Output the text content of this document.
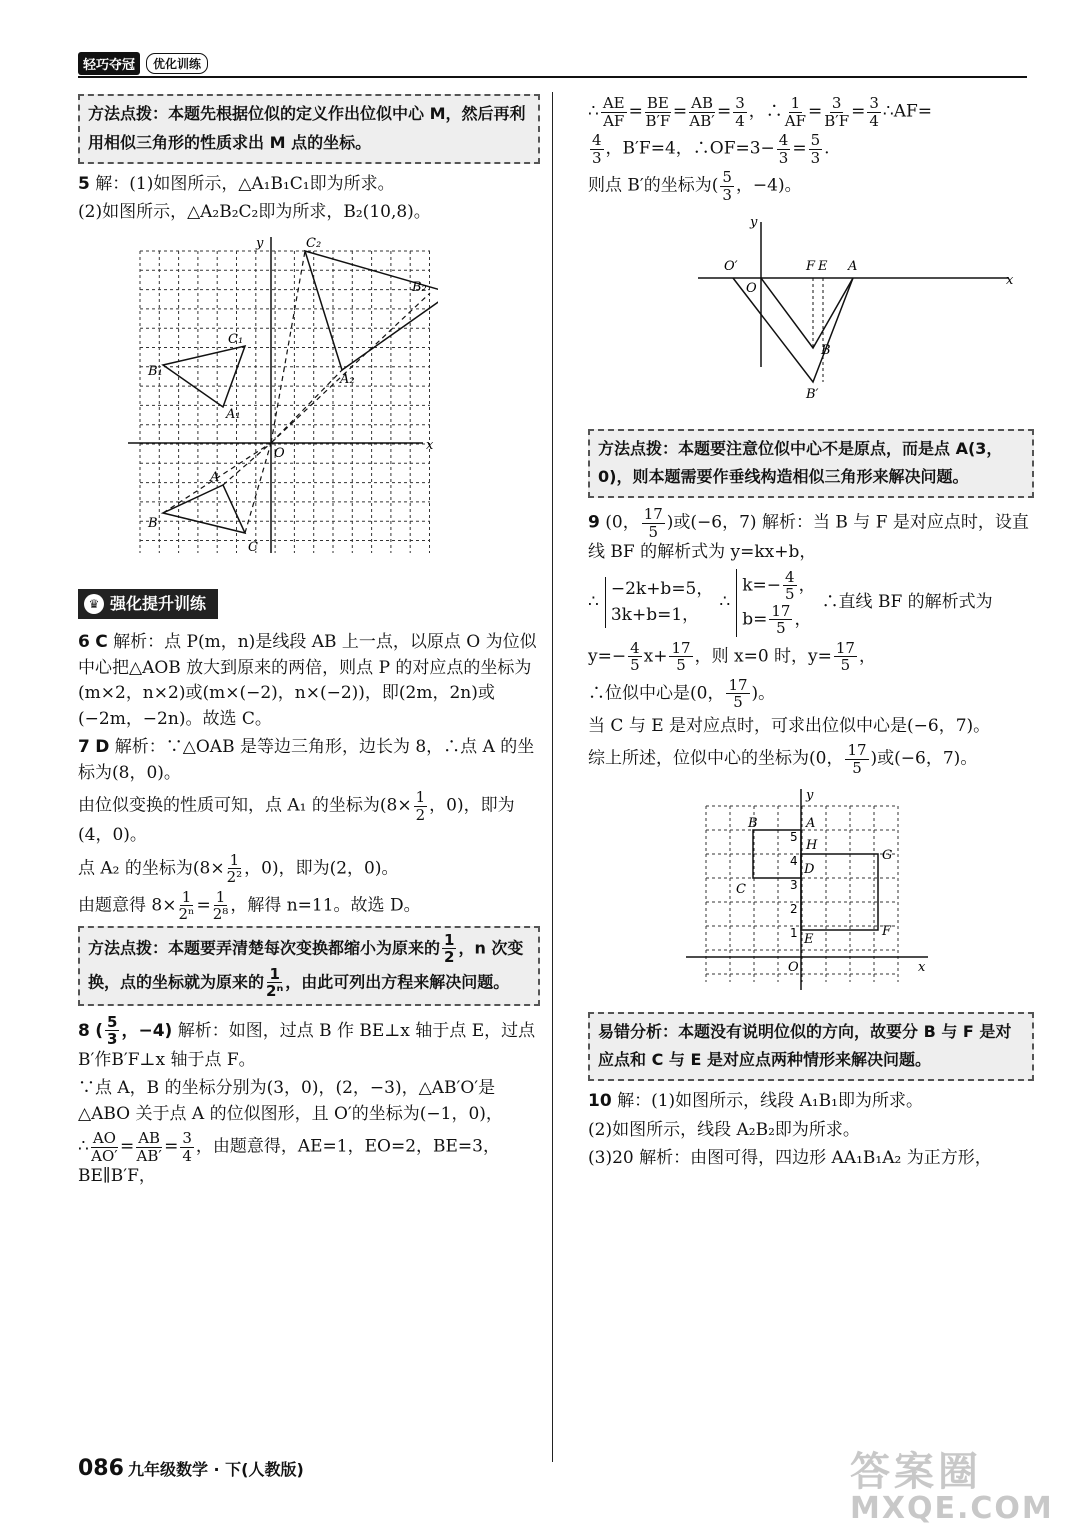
轻巧夺冠	优化训练
方法点拨：本题先根据位似的定义作出位似中心 M，然后再利用相似三角形的性质求出 M 点的坐标。
5 解：(1)如图所示，△A₁B₁C₁即为所求。
(2)如图所示，△A₂B₂C₂即为所求，B₂(10,8)。
y
x
C₂
B₂
C₁
B₁
A₁
A₂
A
B
C
O

♛ 强化提升训练
6 C 解析：点 P(m，n)是线段 AB 上一点，以原点 O 为位似中心把△AOB 放大到原来的两倍，则点 P 的对应点的坐标为(m×2，n×2)或(m×(−2)，n×(−2))，即(2m，2n)或(−2m，−2n)。故选 C。
7 D 解析：∵△OAB 是等边三角形，边长为 8，∴点 A 的坐标为(8，0)。
由位似变换的性质可知，点 A₁ 的坐标为($8\times \frac{1}{2}$ ，0)，即为(4，0)。
点 A₂ 的坐标为($8\times \frac{1}{\text{2²}}$ ，0)，即为(2，0)。
由题意得 $8\times \frac{1}{\text{2ⁿ}} = \frac{1}{\text{2⁸}}$ ，解得 n=11。故选 D。
方法点拨：本题要弄清楚每次变换都缩小为原来的 $\frac{1}{2}$ ，n 次变换，点的坐标就为原来的 $\frac{1}{\text{2ⁿ}}$ ，由此可列出方程来解决问题。
8 ( $\frac{5}{3}$ ，−4) 解析：如图，过点 B 作 BE⊥x 轴于点 E，过点 B′作B′F⊥x 轴于点 F。
∵点 A，B 的坐标分别为(3，0)，(2，−3)，△AB′O′是△ABO 关于点 A 的位似图形，且 O′的坐标为(−1，0)，
∴ $\frac{AO}{AO'} = \frac{AB}{AB'} = \frac{3}{4}$ ，由题意得，AE=1，EO=2，BE=3，BE∥B′F，
∴ $\frac{AE}{AF} = \frac{BE}{B'F} = \frac{AB}{AB'} = \frac{3}{4}$ ，∴ $\frac{1}{AF} = \frac{3}{B'F} = \frac{3}{4}$ ∴AF=
$\frac{4}{3}$ ，B′F=4，∴OF=3− $\frac{4}{3} = \frac{5}{3}$ .
则点 B′的坐标为( $\frac{5}{3}$ ，−4)。
y
x
O′
O
F E A
B
B′
方法点拨：本题要注意位似中心不是原点，而是点 A(3，0)，则本题需要作垂线构造相似三角形来解决问题。
9 (0， $\frac{17}{5}$ )或(−6，7) 解析：当 B 与 F 是对应点时，设直线 BF 的解析式为 y=kx+b，
∴
−2k+b=5，
3k+b=1，
∴
$k=- \frac{4}{5}$ ，
$b= \frac{17}{5}$ ，
∴直线 BF 的解析式为
$y=- \frac{4}{5} x+ \frac{17}{5}$ ，则 x=0 时，$y= \frac{17}{5}$ ，
∴位似中心是(0， $\frac{17}{5}$ )。
当 C 与 E 是对应点时，可求出位似中心是(−6，7)。
综上所述，位似中心的坐标为(0， $\frac{17}{5}$ )或(−6，7)。
y
x
B	A
H
G
D
C
E
F
O
5
4
3
2
1
易错分析：本题没有说明位似的方向，故要分 B 与 F 是对应点和 C 与 E 是对应点两种情形来解决问题。
10 解：(1)如图所示，线段 A₁B₁即为所求。
(2)如图所示，线段 A₂B₂即为所求。
(3)20 解析：由图可得，四边形 AA₁B₁A₂ 为正方形，
086 九年级数学 · 下(人教版)	答案圈
MXQE.COM
